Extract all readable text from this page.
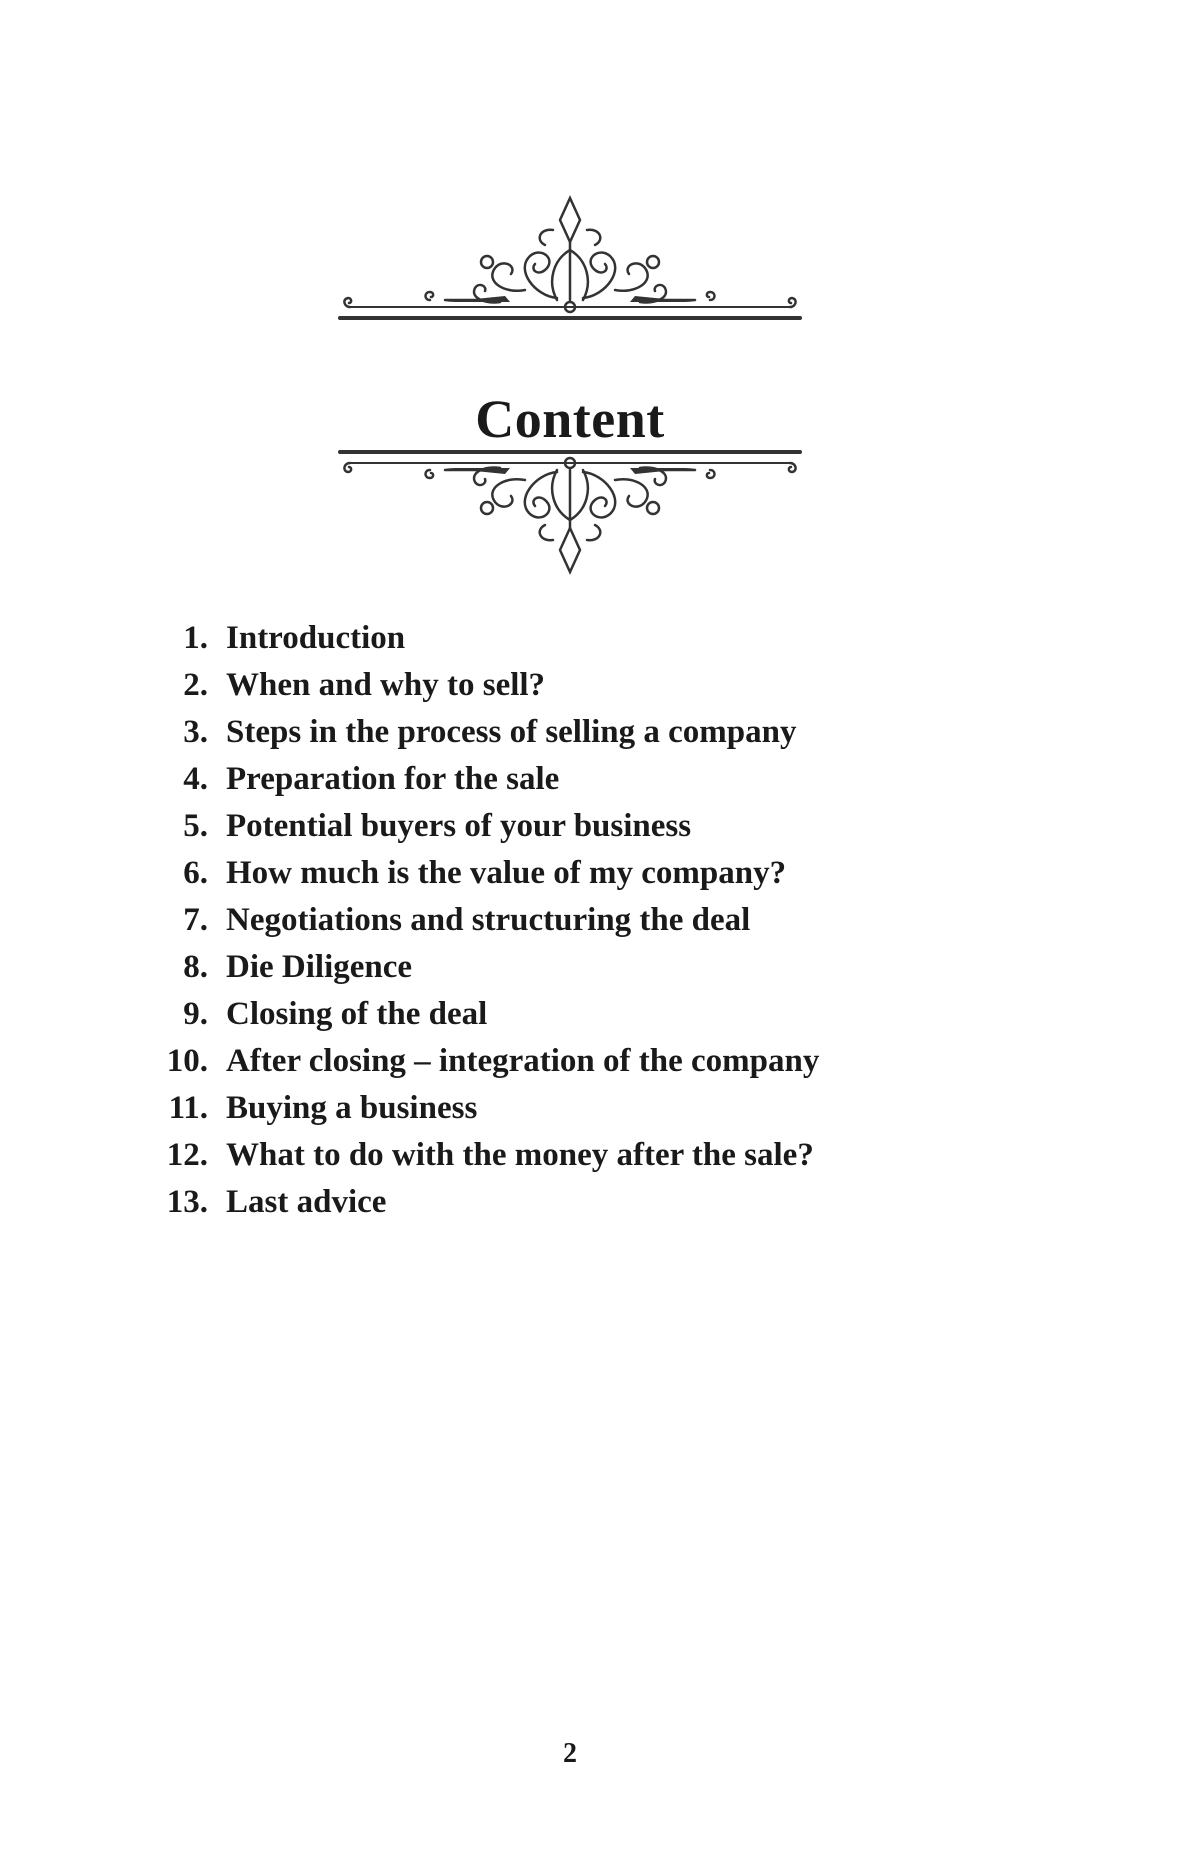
Content
1. Introduction
2. When and why to sell?
3. Steps in the process of selling a company
4. Preparation for the sale
5. Potential buyers of your business
6. How much is the value of my company?
7. Negotiations and structuring the deal
8. Die Diligence
9. Closing of the deal
10. After closing – integration of the company
11. Buying a business
12. What to do with the money after the sale?
13. Last advice
2
